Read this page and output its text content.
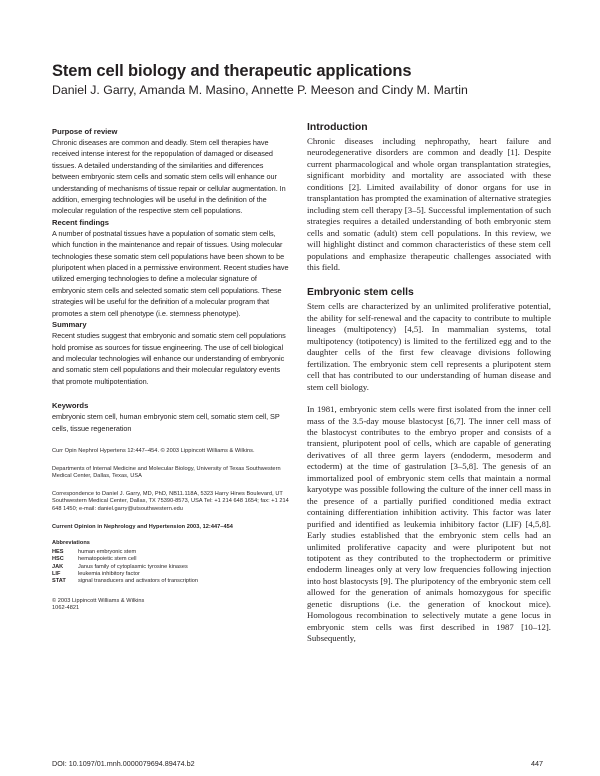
Stem cell biology and therapeutic applications
Daniel J. Garry, Amanda M. Masino, Annette P. Meeson and Cindy M. Martin

Purpose of review

Chronic diseases are common and deadly. Stem cell therapies have received intense interest for the repopulation of damaged or diseased tissues. A detailed understanding of the similarities and differences between embryonic stem cells and somatic stem cells will enhance our understanding of mechanisms of tissue repair or cellular augmentation. In addition, emerging technologies will be useful in the definition of the molecular regulation of the respective stem cell populations.

Recent findings

A number of postnatal tissues have a population of somatic stem cells, which function in the maintenance and repair of tissues. Using molecular technologies these somatic stem cell populations have been shown to be pluripotent when placed in a permissive environment. Recent studies have utilized emerging technologies to define a molecular signature of embryonic stem cells and selected somatic stem cell populations. These strategies will be useful for the definition of a molecular program that promotes a stem cell phenotype (i.e. stemness phenotype).

Summary

Recent studies suggest that embryonic and somatic stem cell populations hold promise as sources for tissue engineering. The use of cell biological and molecular technologies will enhance our understanding of embryonic and somatic stem cell populations and their molecular regulatory events that promote multipotentiation.

Keywords

embryonic stem cell, human embryonic stem cell, somatic stem cell, SP cells, tissue regeneration

Curr Opin Nephrol Hypertens 12:447–454. © 2003 Lippincott Williams & Wilkins.

Departments of Internal Medicine and Molecular Biology, University of Texas Southwestern Medical Center, Dallas, Texas, USA

Correspondence to Daniel J. Garry, MD, PhD, NB11.118A, 5323 Harry Hines Boulevard, UT Southwestern Medical Center, Dallas, TX 75390-8573, USA Tel: +1 214 648 1654; fax: +1 214 648 1450; e-mail: daniel.garry@utsouthwestern.edu

Current Opinion in Nephrology and Hypertension 2003, 12:447–454

Abbreviations

HES	human embryonic stem
HSC	hematopoietic stem cell
JAK	Janus family of cytoplasmic tyrosine kinases
LIF	leukemia inhibitory factor
STAT	signal transducers and activators of transcription

© 2003 Lippincott Williams & Wilkins

1062-4821

Introduction

Chronic diseases including nephropathy, heart failure and neurodegenerative disorders are common and deadly [1]. Despite current pharmacological and whole organ transplantation strategies, significant morbidity and mortality are associated with these conditions [2]. Limited availability of donor organs for use in transplantation has prompted the examination of alternative strategies including stem cell therapy [3–5]. Successful implementation of such strategies requires a detailed understanding of both embryonic stem cells and somatic (adult) stem cell populations. In this review, we will highlight distinct and common characteristics of these stem cell populations and emphasize therapeutic challenges associated with this field.

Embryonic stem cells

Stem cells are characterized by an unlimited proliferative potential, the ability for self-renewal and the capacity to contribute to multiple lineages (multipotency) [4,5]. In mammalian systems, total multipotency (totipotency) is limited to the fertilized egg and to the daughter cells of the first few cleavage divisions following fertilization. The embryonic stem cell represents a pluripotent stem cell that has contributed to our understanding of human disease and stem cell biology.

In 1981, embryonic stem cells were first isolated from the inner cell mass of the 3.5-day mouse blastocyst [6,7]. The inner cell mass of the blastocyst contributes to the embryo proper and consists of a transient, pluripotent pool of cells, which are capable of generating derivatives of all three germ layers (endoderm, mesoderm and ectoderm) at the time of gastrulation [3–5,8]. The genesis of an immortalized pool of embryonic stem cells that maintain a normal karyotype was possible following the culture of the inner cell mass in the presence of a partially purified conditioned media extract containing differentiation inhibition activity. This factor was later purified and identified as leukemia inhibitory factor (LIF) [4,5,8]. Early studies established that the embryonic stem cells had an unlimited proliferative capacity and were pluripotent but not totipotent as they contributed to the trophectoderm or primitive endoderm lineages only at very low frequencies following injection into host blastocysts [9]. The pluripotency of the embryonic stem cell allowed for the generation of animals homozygous for specific genetic disruptions (i.e. the generation of knockout mice). Homologous recombination to selectively mutate a gene locus in embryonic stem cells was first described in 1987 [10–12]. Subsequently,

DOI: 10.1097/01.mnh.0000079694.89474.b2	447
